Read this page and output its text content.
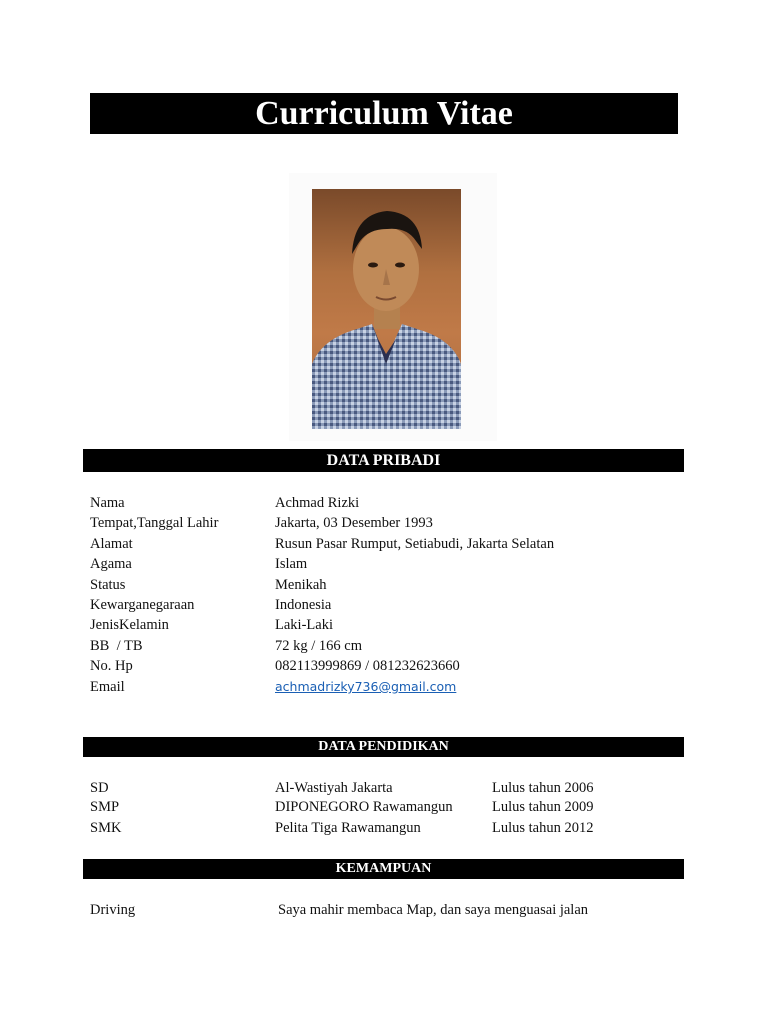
Curriculum Vitae
DATA PRIBADI
Nama	Achmad Rizki
Tempat,Tanggal Lahir	Jakarta, 03 Desember 1993
Alamat	Rusun Pasar Rumput, Setiabudi, Jakarta Selatan
Agama	Islam
Status	Menikah
Kewarganegaraan	Indonesia
JenisKelamin	Laki-Laki
BB  / TB	72 kg / 166 cm
No. Hp	082113999869 / 081232623660
Email	achmadrizky736@gmail.com
DATA PENDIDIKAN
SD	Al-Wastiyah Jakarta	Lulus tahun 2006
SMP	DIPONEGORO Rawamangun	Lulus tahun 2009
SMK	Pelita Tiga Rawamangun	Lulus tahun 2012
KEMAMPUAN
Driving	Saya mahir membaca Map, dan saya menguasai jalan
